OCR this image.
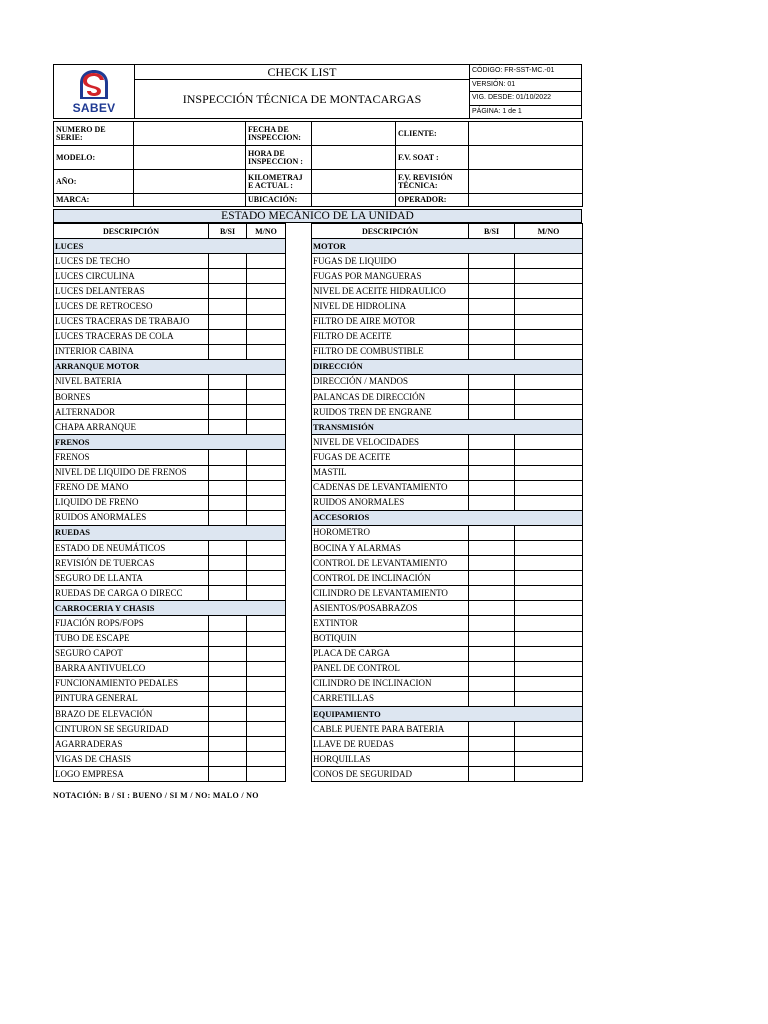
SABEV
CHECK LIST
INSPECCIÓN TÉCNICA DE MONTACARGAS
CÓDIGO: FR-SST-MC.-01
VERSIÓN: 01
VIG. DESDE: 01/10/2022
PÁGINA: 1 de 1
NUMERO DE SERIE:		FECHA DE INSPECCION:		CLIENTE:	
MODELO:		HORA DE INSPECCION :		F.V. SOAT :	
AÑO:		KILOMETRAJ E ACTUAL :		F.V. REVISIÓN TÉCNICA:	
MARCA:		UBICACIÓN:		OPERADOR:	
ESTADO MECÁNICO DE LA UNIDAD
DESCRIPCIÓN	B/SI	M/NO
LUCES		
LUCES DE TECHO		
LUCES CIRCULINA		
LUCES DELANTERAS		
LUCES DE RETROCESO		
LUCES TRACERAS DE TRABAJO		
LUCES TRACERAS DE COLA		
INTERIOR CABINA		
ARRANQUE MOTOR		
NIVEL BATERIA		
BORNES		
ALTERNADOR		
CHAPA ARRANQUE		
FRENOS		
FRENOS		
NIVEL DE LIQUIDO DE FRENOS		
FRENO DE MANO		
LIQUIDO DE FRENO		
RUIDOS ANORMALES		
RUEDAS		
ESTADO DE NEUMÁTICOS		
REVISIÓN DE TUERCAS		
SEGURO DE LLANTA		
RUEDAS DE CARGA O DIRECC		
CARROCERIA Y CHASIS		
FIJACIÓN ROPS/FOPS		
TUBO DE ESCAPE		
SEGURO CAPOT		
BARRA ANTIVUELCO		
FUNCIONAMIENTO PEDALES		
PINTURA GENERAL		
BRAZO DE ELEVACIÓN		
CINTURON SE SEGURIDAD		
AGARRADERAS		
VIGAS DE CHASIS		
LOGO EMPRESA		
DESCRIPCIÓN	B/SI	M/NO
MOTOR		
FUGAS DE LIQUIDO		
FUGAS POR MANGUERAS		
NIVEL DE ACEITE HIDRAULICO		
NIVEL DE HIDROLINA		
FILTRO DE AIRE MOTOR		
FILTRO DE ACEITE		
FILTRO DE COMBUSTIBLE		
DIRECCIÓN		
DIRECCIÓN / MANDOS		
PALANCAS DE DIRECCIÓN		
RUIDOS TREN DE ENGRANE		
TRANSMISIÓN		
NIVEL DE VELOCIDADES		
FUGAS DE ACEITE		
MASTIL		
CADENAS DE LEVANTAMIENTO		
RUIDOS ANORMALES		
ACCESORIOS		
HOROMETRO		
BOCINA Y ALARMAS		
CONTROL DE LEVANTAMIENTO		
CONTROL DE INCLINACIÓN		
CILINDRO DE LEVANTAMIENTO		
ASIENTOS/POSABRAZOS		
EXTINTOR		
BOTIQUIN		
PLACA DE CARGA		
PANEL DE CONTROL		
CILINDRO DE INCLINACION		
CARRETILLAS		
EQUIPAMIENTO		
CABLE PUENTE PARA BATERIA		
LLAVE DE RUEDAS		
HORQUILLAS		
CONOS DE SEGURIDAD		
NOTACIÓN: B / SI : BUENO / SI M / NO: MALO / NO
